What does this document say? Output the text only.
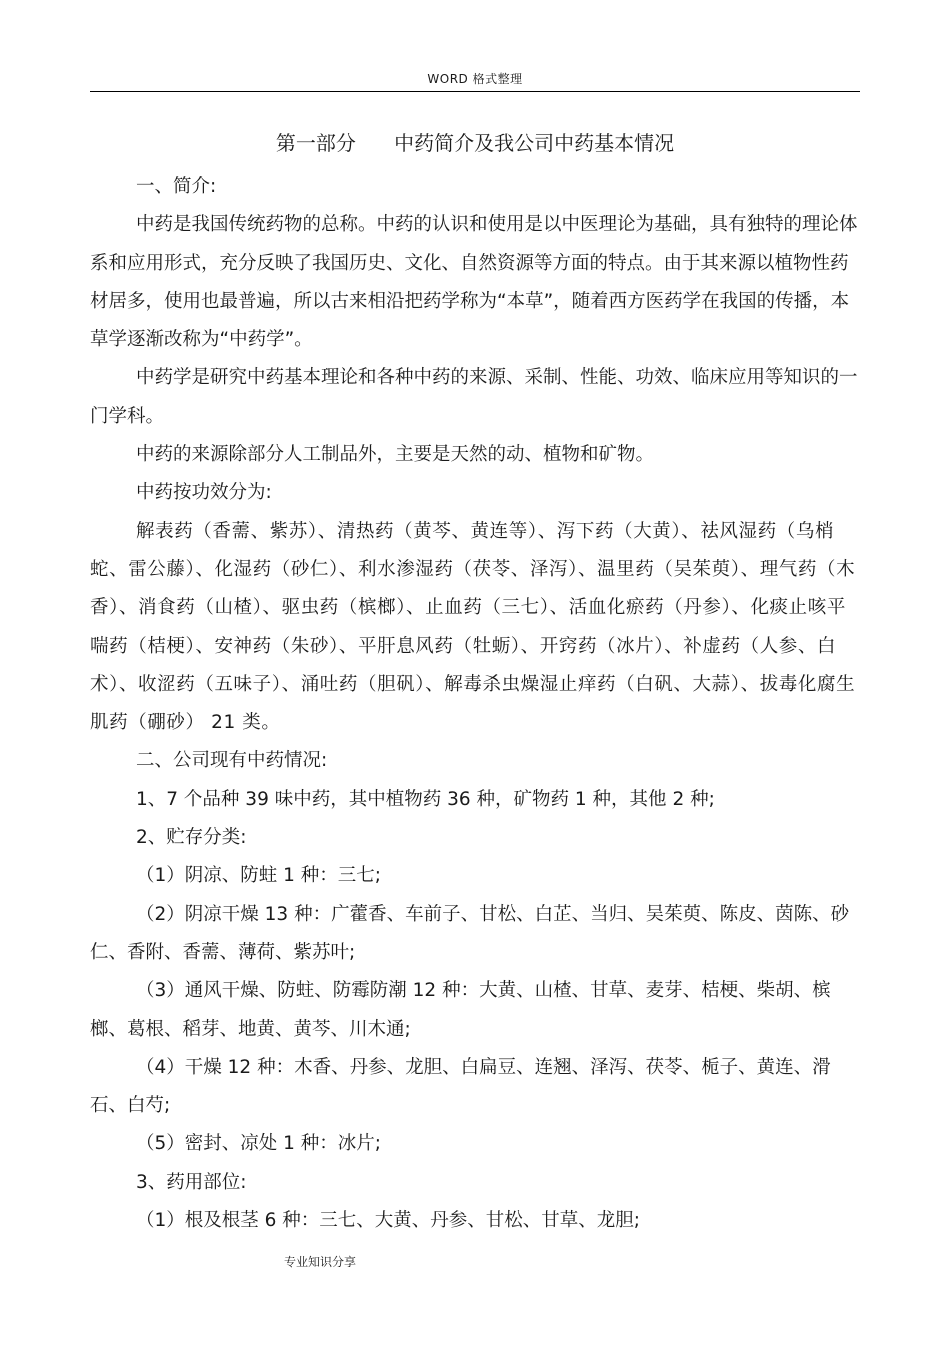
WORD 格式整理
第一部分      中药简介及我公司中药基本情况

一、简介:

中药是我国传统药物的总称。中药的认识和使用是以中医理论为基础，具有独特的理论体系和应用形式，充分反映了我国历史、文化、自然资源等方面的特点。由于其来源以植物性药材居多，使用也最普遍，所以古来相沿把药学称为“本草”，随着西方医药学在我国的传播，本草学逐渐改称为“中药学”。

中药学是研究中药基本理论和各种中药的来源、采制、性能、功效、临床应用等知识的一门学科。

中药的来源除部分人工制品外，主要是天然的动、植物和矿物。

中药按功效分为:

解表药（香薷、紫苏）、清热药（黄芩、黄连等）、泻下药（大黄）、祛风湿药（乌梢蛇、雷公藤）、化湿药（砂仁）、利水渗湿药（茯苓、泽泻）、温里药（吴茱萸）、理气药（木香）、消食药（山楂）、驱虫药（槟榔）、止血药（三七）、活血化瘀药（丹参）、化痰止咳平喘药（桔梗）、安神药（朱砂）、平肝息风药（牡蛎）、开窍药（冰片）、补虚药（人参、白术）、收涩药（五味子）、涌吐药（胆矾）、解毒杀虫燥湿止痒药（白矾、大蒜）、拔毒化腐生肌药（硼砂） 21 类。

二、公司现有中药情况:

1、7 个品种 39 味中药，其中植物药 36 种，矿物药 1 种，其他 2 种;

2、贮存分类:

（1）阴凉、防蛀 1 种：三七;

（2）阴凉干燥 13 种：广藿香、车前子、甘松、白芷、当归、吴茱萸、陈皮、茵陈、砂仁、香附、香薷、薄荷、紫苏叶;

（3）通风干燥、防蛀、防霉防潮 12 种：大黄、山楂、甘草、麦芽、桔梗、柴胡、槟榔、葛根、稻芽、地黄、黄芩、川木通;

（4）干燥 12 种：木香、丹参、龙胆、白扁豆、连翘、泽泻、茯苓、栀子、黄连、滑石、白芍;

（5）密封、凉处 1 种：冰片;

3、药用部位:

（1）根及根茎 6 种：三七、大黄、丹参、甘松、甘草、龙胆;

专业知识分享
